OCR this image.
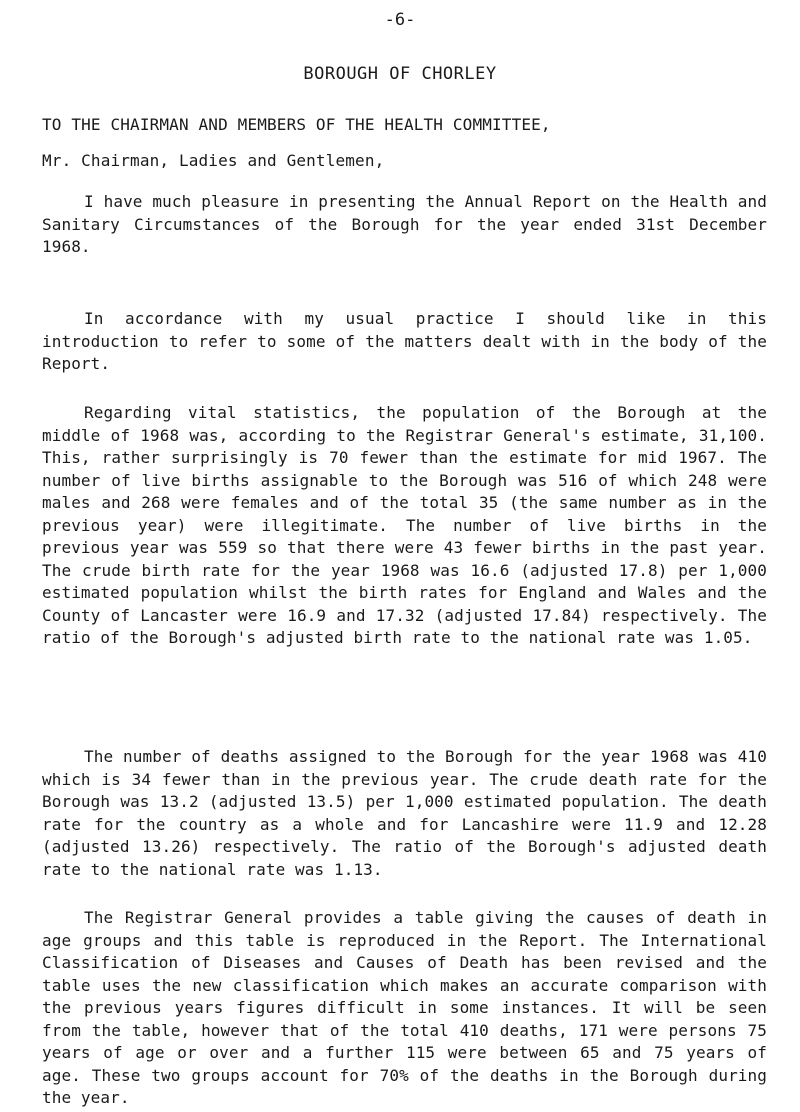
-6-
BOROUGH OF CHORLEY
TO THE CHAIRMAN AND MEMBERS OF THE HEALTH COMMITTEE,
Mr. Chairman, Ladies and Gentlemen,
I have much pleasure in presenting the Annual Report on the Health and Sanitary Circumstances of the Borough for the year ended 31st December 1968.
In accordance with my usual practice I should like in this introduction to refer to some of the matters dealt with in the body of the Report.
Regarding vital statistics, the population of the Borough at the middle of 1968 was, according to the Registrar General's estimate, 31,100. This, rather surprisingly is 70 fewer than the estimate for mid 1967. The number of live births assignable to the Borough was 516 of which 248 were males and 268 were females and of the total 35 (the same number as in the previous year) were illegitimate. The number of live births in the previous year was 559 so that there were 43 fewer births in the past year. The crude birth rate for the year 1968 was 16.6 (adjusted 17.8) per 1,000 estimated population whilst the birth rates for England and Wales and the County of Lancaster were 16.9 and 17.32 (adjusted 17.84) respectively. The ratio of the Borough's adjusted birth rate to the national rate was 1.05.
The number of deaths assigned to the Borough for the year 1968 was 410 which is 34 fewer than in the previous year. The crude death rate for the Borough was 13.2 (adjusted 13.5) per 1,000 estimated population. The death rate for the country as a whole and for Lancashire were 11.9 and 12.28 (adjusted 13.26) respectively. The ratio of the Borough's adjusted death rate to the national rate was 1.13.
The Registrar General provides a table giving the causes of death in age groups and this table is reproduced in the Report. The International Classification of Diseases and Causes of Death has been revised and the table uses the new classification which makes an accurate comparison with the previous years figures difficult in some instances. It will be seen from the table, however that of the total 410 deaths, 171 were persons 75 years of age or over and a further 115 were between 65 and 75 years of age. These two groups account for 70% of the deaths in the Borough during the year.
